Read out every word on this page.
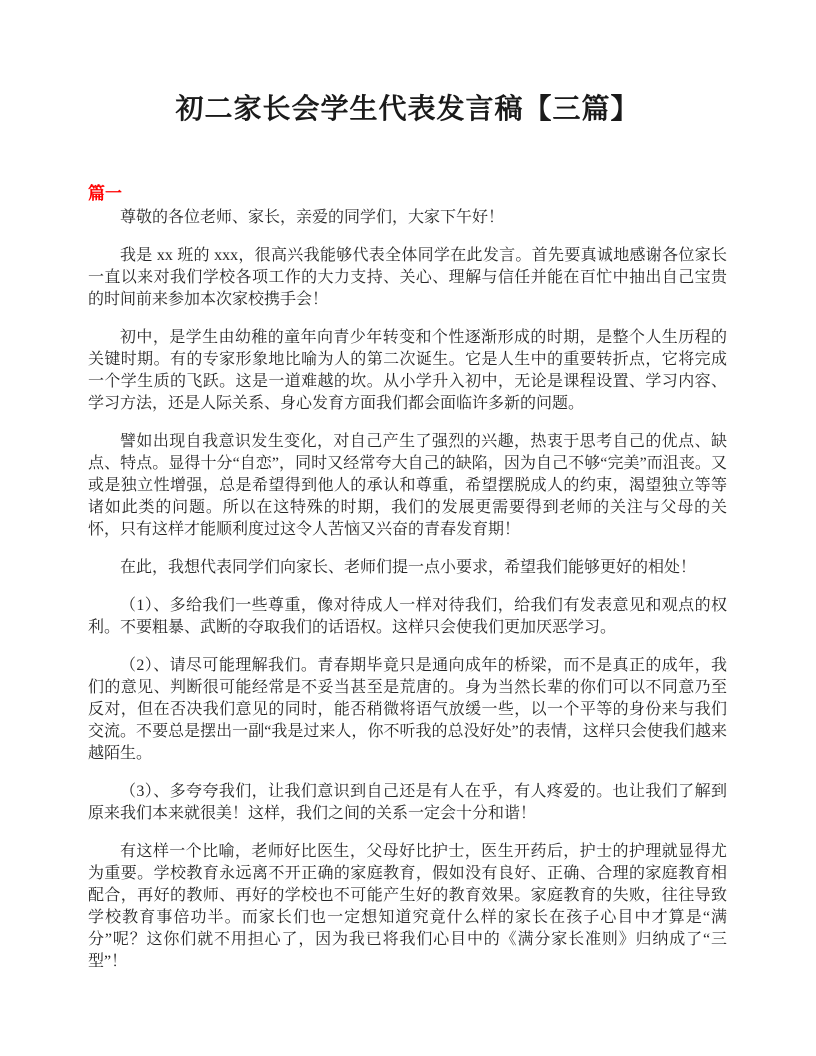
初二家长会学生代表发言稿【三篇】
篇一

尊敬的各位老师、家长，亲爱的同学们，大家下午好！

我是 xx 班的 xxx，很高兴我能够代表全体同学在此发言。首先要真诚地感谢各位家长一直以来对我们学校各项工作的大力支持、关心、理解与信任并能在百忙中抽出自己宝贵的时间前来参加本次家校携手会！

初中，是学生由幼稚的童年向青少年转变和个性逐渐形成的时期，是整个人生历程的关键时期。有的专家形象地比喻为人的第二次诞生。它是人生中的重要转折点，它将完成一个学生质的飞跃。这是一道难越的坎。从小学升入初中，无论是课程设置、学习内容、学习方法，还是人际关系、身心发育方面我们都会面临许多新的问题。

譬如出现自我意识发生变化，对自己产生了强烈的兴趣，热衷于思考自己的优点、缺点、特点。显得十分“自恋”，同时又经常夸大自己的缺陷，因为自己不够“完美”而沮丧。又或是独立性增强，总是希望得到他人的承认和尊重，希望摆脱成人的约束，渴望独立等等诸如此类的问题。所以在这特殊的时期，我们的发展更需要得到老师的关注与父母的关怀，只有这样才能顺利度过这令人苦恼又兴奋的青春发育期！

在此，我想代表同学们向家长、老师们提一点小要求，希望我们能够更好的相处！

（1）、多给我们一些尊重，像对待成人一样对待我们，给我们有发表意见和观点的权利。不要粗暴、武断的夺取我们的话语权。这样只会使我们更加厌恶学习。

（2）、请尽可能理解我们。青春期毕竟只是通向成年的桥梁，而不是真正的成年，我们的意见、判断很可能经常是不妥当甚至是荒唐的。身为当然长辈的你们可以不同意乃至反对，但在否决我们意见的同时，能否稍微将语气放缓一些，以一个平等的身份来与我们交流。不要总是摆出一副“我是过来人，你不听我的总没好处”的表情，这样只会使我们越来越陌生。

（3）、多夸夸我们，让我们意识到自己还是有人在乎，有人疼爱的。也让我们了解到原来我们本来就很美！这样，我们之间的关系一定会十分和谐！

有这样一个比喻，老师好比医生，父母好比护士，医生开药后，护士的护理就显得尤为重要。学校教育永远离不开正确的家庭教育，假如没有良好、正确、合理的家庭教育相配合，再好的教师、再好的学校也不可能产生好的教育效果。家庭教育的失败，往往导致学校教育事倍功半。而家长们也一定想知道究竟什么样的家长在孩子心目中才算是“满分”呢？这你们就不用担心了，因为我已将我们心目中的《满分家长准则》归纳成了“三型”！
